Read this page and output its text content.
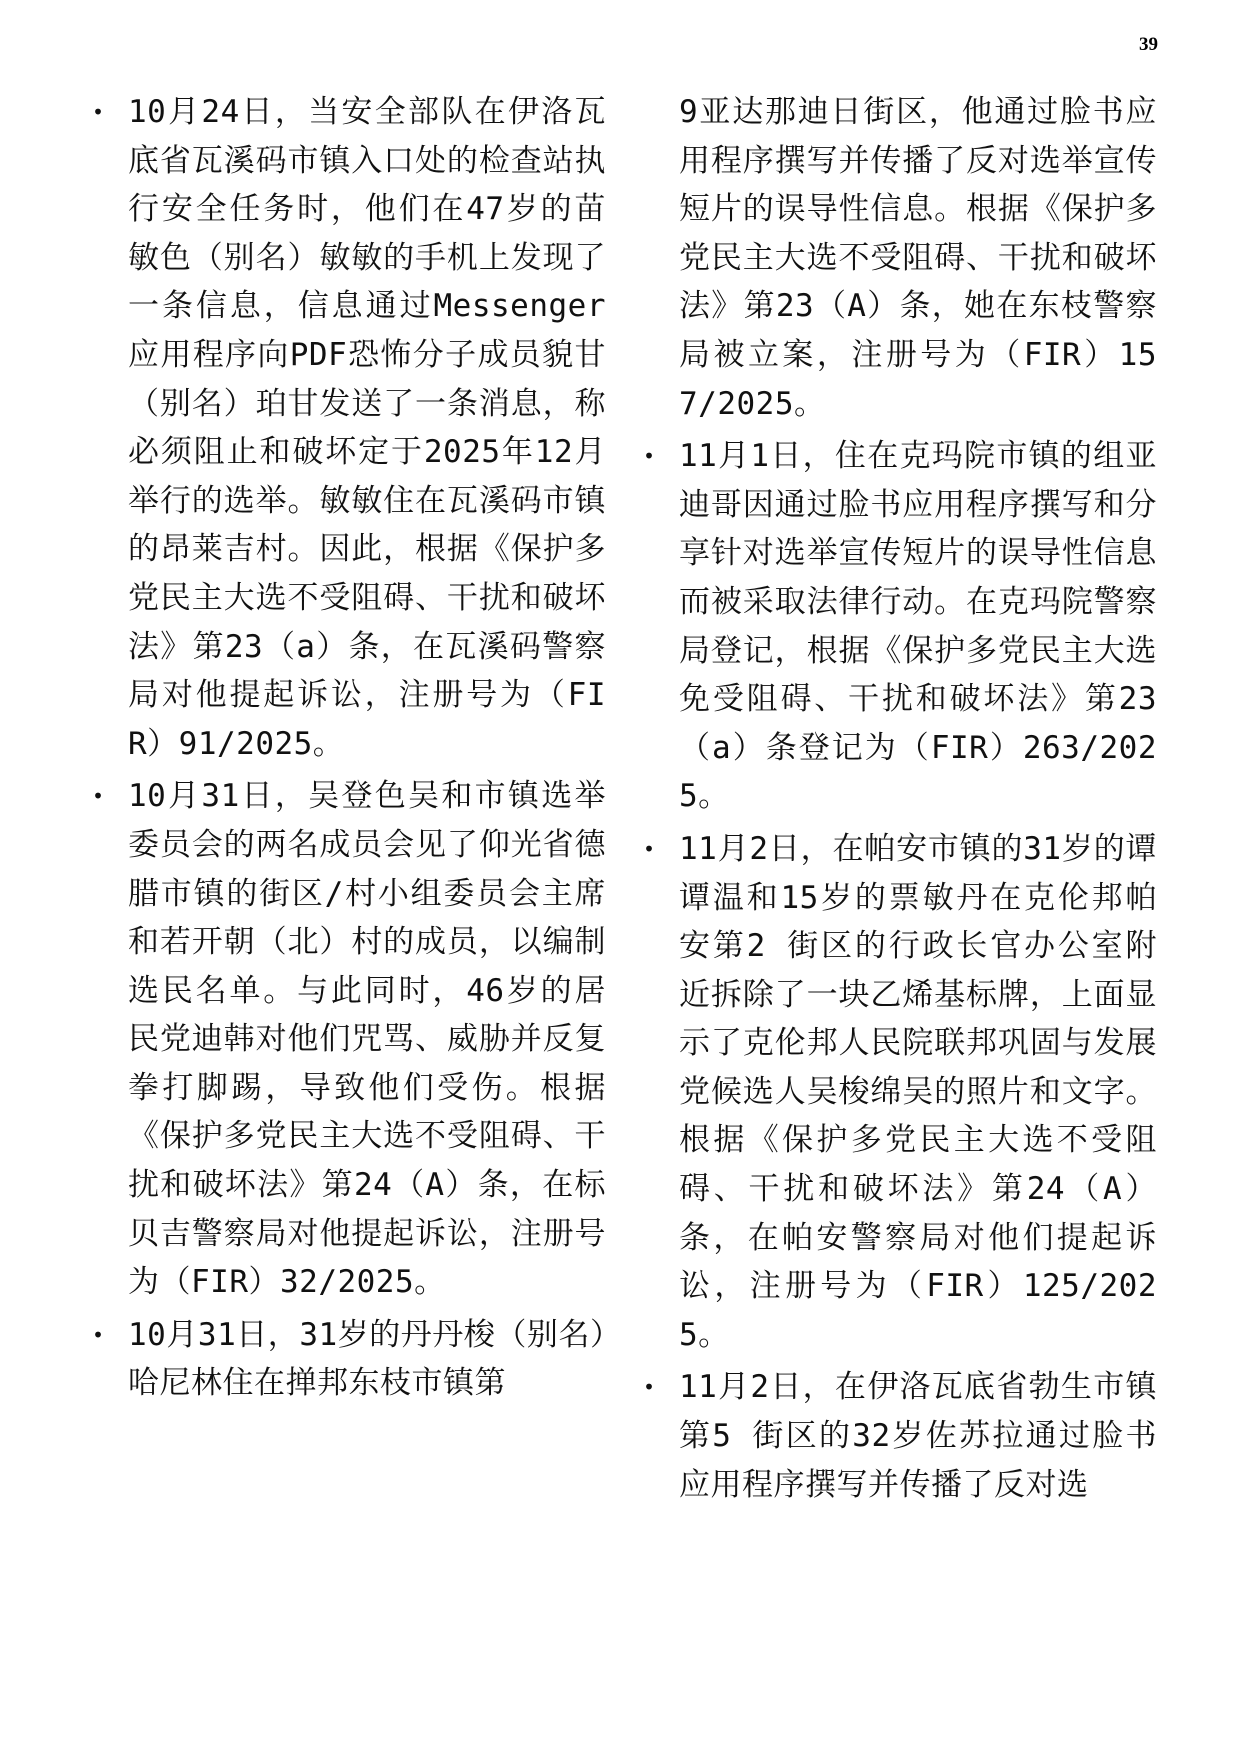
39
• 10月24日，当安全部队在伊洛瓦底省瓦溪码市镇入口处的检查站执行安全任务时，他们在47岁的苗敏色（别名）敏敏的手机上发现了一条信息，信息通过Messenger应用程序向PDF恐怖分子成员貌甘（别名）珀甘发送了一条消息，称必须阻止和破坏定于2025年12月举行的选举。敏敏住在瓦溪码市镇的昂莱吉村。因此，根据《保护多党民主大选不受阻碍、干扰和破坏法》第23（a）条，在瓦溪码警察局对他提起诉讼，注册号为（FIR）91/2025。
• 10月31日，吴登色吴和市镇选举委员会的两名成员会见了仰光省德腊市镇的街区/村小组委员会主席和若开朝（北）村的成员，以编制选民名单。与此同时，46岁的居民党迪韩对他们咒骂、威胁并反复拳打脚踢，导致他们受伤。根据《保护多党民主大选不受阻碍、干扰和破坏法》第24（A）条，在标贝吉警察局对他提起诉讼，注册号为（FIR）32/2025。
• 10月31日，31岁的丹丹梭（别名）哈尼林住在掸邦东枝市镇第
9亚达那迪日街区，他通过脸书应用程序撰写并传播了反对选举宣传短片的误导性信息。根据《保护多党民主大选不受阻碍、干扰和破坏法》第23（A）条，她在东枝警察局被立案，注册号为（FIR）157/2025。
• 11月1日，住在克玛院市镇的组亚迪哥因通过脸书应用程序撰写和分享针对选举宣传短片的误导性信息而被采取法律行动。在克玛院警察局登记，根据《保护多党民主大选免受阻碍、干扰和破坏法》第23（a）条登记为（FIR）263/2025。
• 11月2日，在帕安市镇的31岁的谭谭温和15岁的票敏丹在克伦邦帕安第2 街区的行政长官办公室附近拆除了一块乙烯基标牌，上面显示了克伦邦人民院联邦巩固与发展党候选人吴梭绵吴的照片和文字。根据《保护多党民主大选不受阻碍、干扰和破坏法》第24（A）条，在帕安警察局对他们提起诉讼，注册号为（FIR）125/2025。
• 11月2日，在伊洛瓦底省勃生市镇第5 街区的32岁佐苏拉通过脸书应用程序撰写并传播了反对选
